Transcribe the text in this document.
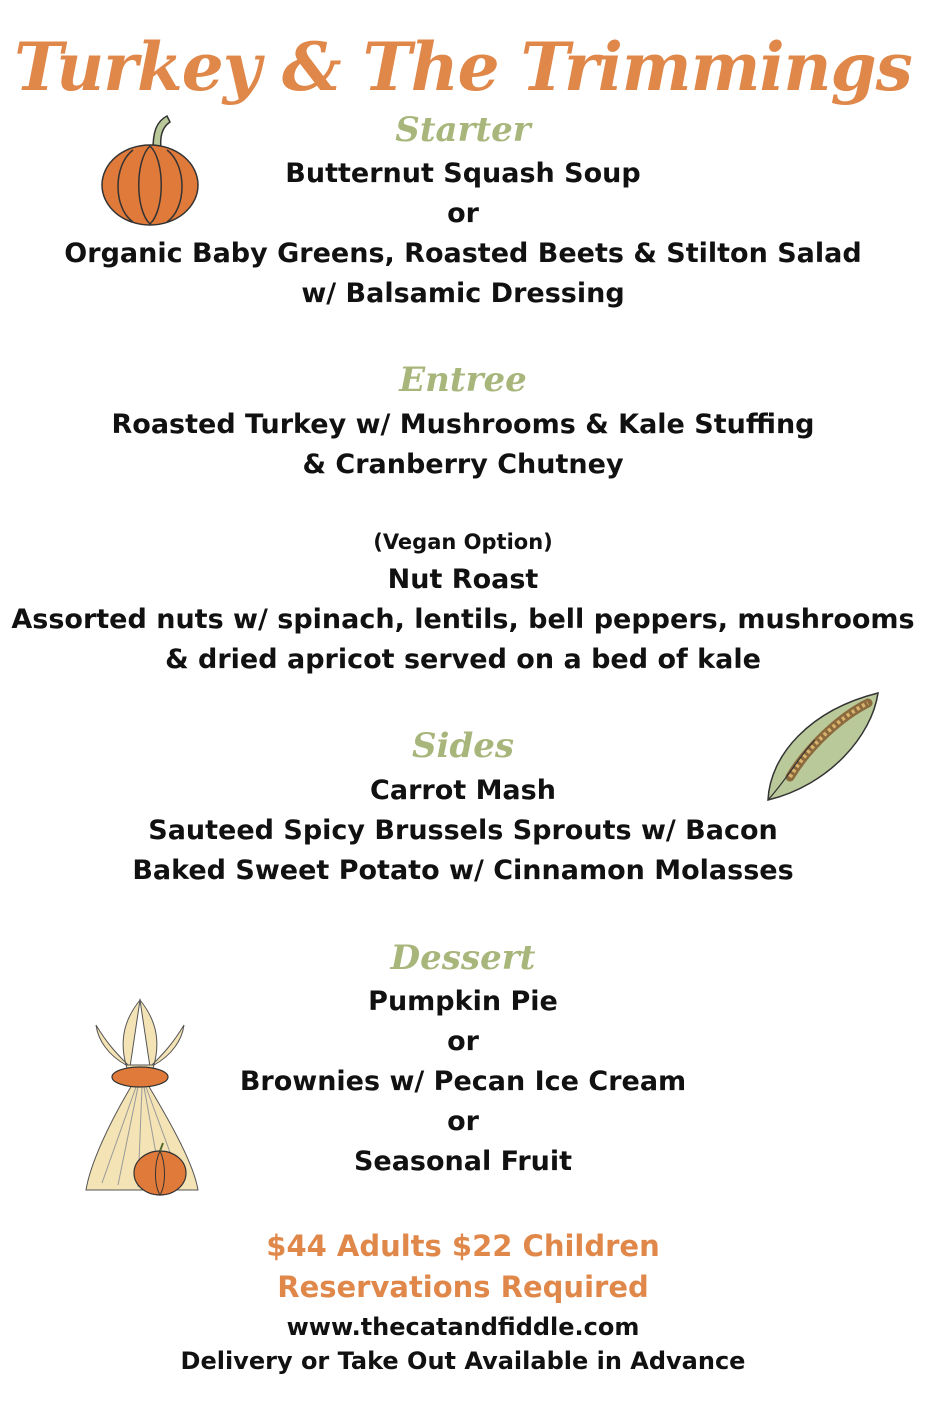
Turkey & The Trimmings
Starter
Butternut Squash Soup
or
Organic Baby Greens, Roasted Beets & Stilton Salad
w/ Balsamic Dressing
Entree
Roasted Turkey w/ Mushrooms & Kale Stuffing
& Cranberry Chutney
(Vegan Option)
Nut Roast
Assorted nuts w/ spinach, lentils, bell peppers, mushrooms
& dried apricot served on a bed of kale
Sides
Carrot Mash
Sauteed Spicy Brussels Sprouts w/ Bacon
Baked Sweet Potato w/ Cinnamon Molasses
Dessert
Pumpkin Pie
or
Brownies w/ Pecan Ice Cream
or
Seasonal Fruit
$44 Adults $22 Children
Reservations Required
www.thecatandfiddle.com
Delivery or Take Out Available in Advance
